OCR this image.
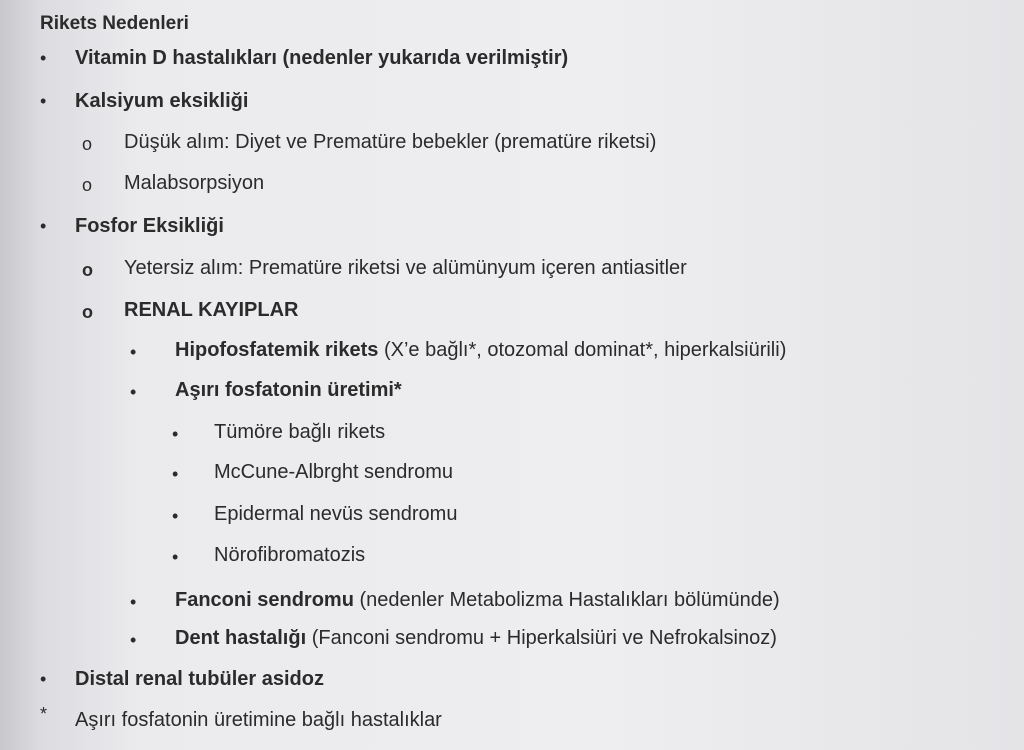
Rikets Nedenleri
• Vitamin D hastalıkları (nedenler yukarıda verilmiştir)
• Kalsiyum eksikliği
o Düşük alım: Diyet ve Prematüre bebekler (prematüre riketsi)
o Malabsorpsiyon
• Fosfor Eksikliği
o Yetersiz alım: Prematüre riketsi ve alümünyum içeren antiasitler
o RENAL KAYIPLAR
• Hipofosfatemik rikets (X’e bağlı*, otozomal dominat*, hiperkalsiürili)
• Aşırı fosfatonin üretimi*
• Tümöre bağlı rikets
• McCune-Albrght sendromu
• Epidermal nevüs sendromu
• Nörofibromatozis
• Fanconi sendromu (nedenler Metabolizma Hastalıkları bölümünde)
• Dent hastalığı (Fanconi sendromu + Hiperkalsiüri ve Nefrokalsinoz)
• Distal renal tubüler asidoz
* Aşırı fosfatonin üretimine bağlı hastalıklar
